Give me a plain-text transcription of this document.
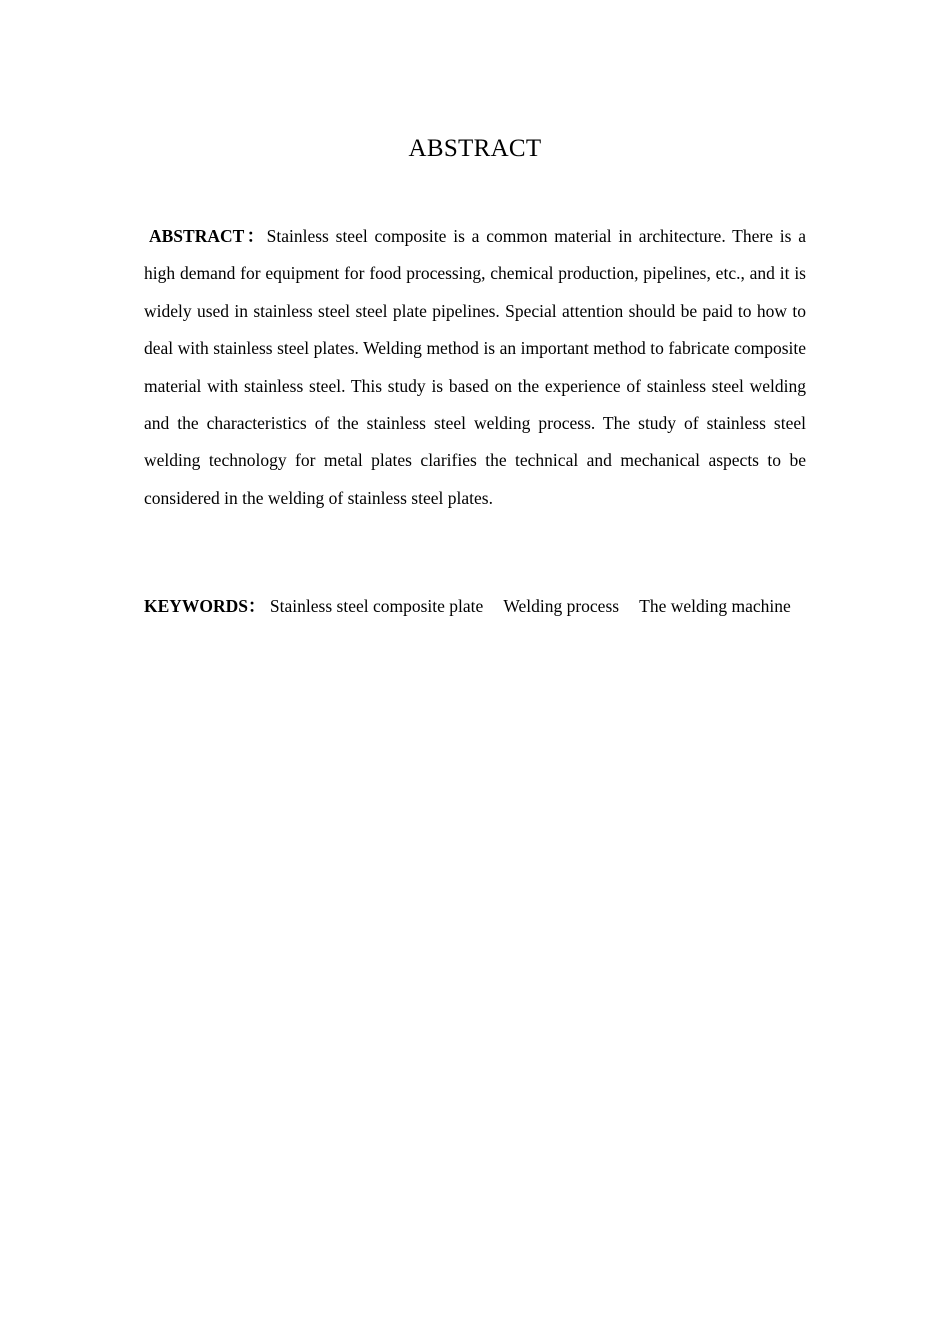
ABSTRACT

ABSTRACT：Stainless steel composite is a common material in architecture. There is a high demand for equipment for food processing, chemical production, pipelines, etc., and it is widely used in stainless steel steel plate pipelines. Special attention should be paid to how to deal with stainless steel plates. Welding method is an important method to fabricate composite material with stainless steel. This study is based on the experience of stainless steel welding and the characteristics of the stainless steel welding process. The study of stainless steel welding technology for metal plates clarifies the technical and mechanical aspects to be considered in the welding of stainless steel plates.

KEYWORDS： Stainless steel composite plate Welding process The welding machine
